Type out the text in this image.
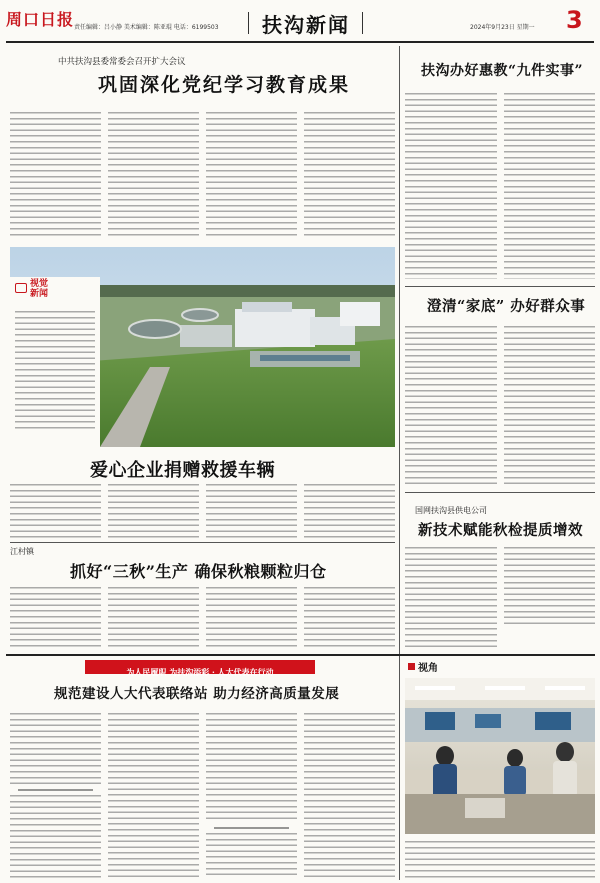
周口日报 责任编辑：吕小静 美术编辑：陈亚琨 电话：6199503 扶沟新闻	2024年9月23日 星期一 3
中共扶沟县委常委会召开扩大会议
巩固深化党纪学习教育成果
视觉
新闻
扶沟办好惠教“九件实事”
澄清“家底” 办好群众事
爱心企业捐赠救援车辆
江村镇
抓好“三秋”生产 确保秋粮颗粒归仓
国网扶沟县供电公司
新技术赋能秋检提质增效
为人民履职 为扶沟添彩 · 人大代表在行动
规范建设人大代表联络站 助力经济高质量发展
视角
